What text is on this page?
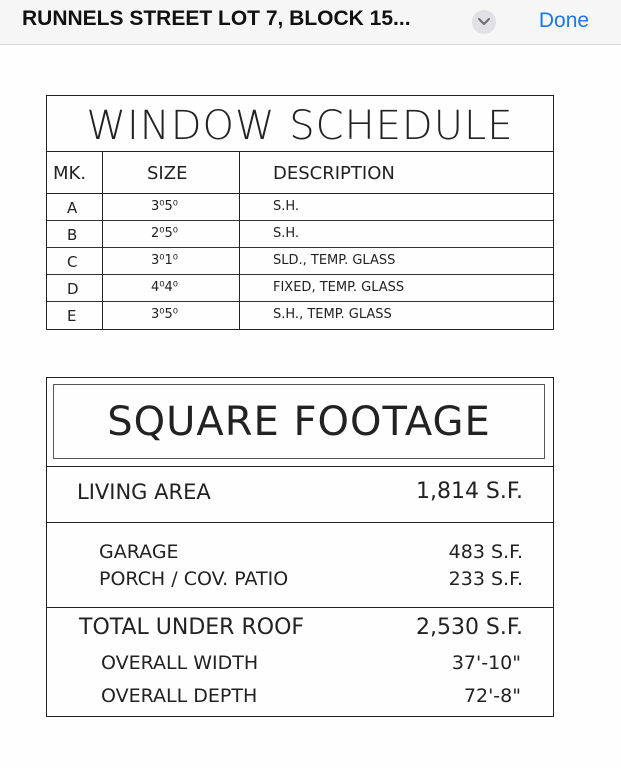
RUNNELS STREET LOT 7, BLOCK 15...	Done
WINDOW SCHEDULE
MK.	SIZE	DESCRIPTION
A	3⁰5⁰	S.H.
B	2⁰5⁰	S.H.
C	3⁰1⁰	SLD., TEMP. GLASS
D	4⁰4⁰	FIXED, TEMP. GLASS
E	3⁰5⁰	S.H., TEMP. GLASS
SQUARE FOOTAGE
LIVING AREA	1,814 S.F.
GARAGE	483 S.F.
PORCH / COV. PATIO	233 S.F.
TOTAL UNDER ROOF	2,530 S.F.
OVERALL WIDTH	37'-10"
OVERALL DEPTH	72'-8"
